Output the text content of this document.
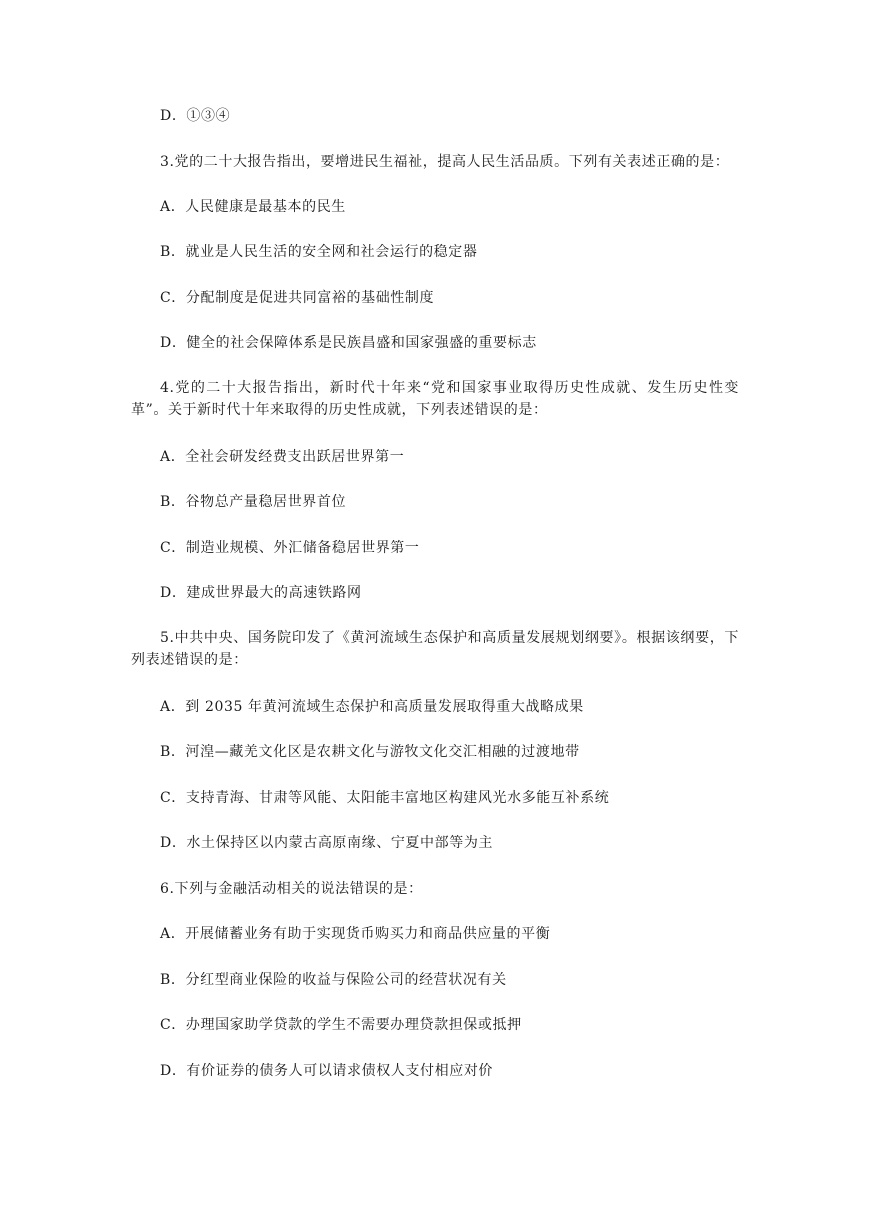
D．①③④
3.党的二十大报告指出，要增进民生福祉，提高人民生活品质。下列有关表述正确的是：
A．人民健康是最基本的民生
B．就业是人民生活的安全网和社会运行的稳定器
C．分配制度是促进共同富裕的基础性制度
D．健全的社会保障体系是民族昌盛和国家强盛的重要标志
4.党的二十大报告指出，新时代十年来“党和国家事业取得历史性成就、发生历史性变革”。关于新时代十年来取得的历史性成就，下列表述错误的是：
A．全社会研发经费支出跃居世界第一
B．谷物总产量稳居世界首位
C．制造业规模、外汇储备稳居世界第一
D．建成世界最大的高速铁路网
5.中共中央、国务院印发了《黄河流域生态保护和高质量发展规划纲要》。根据该纲要，下列表述错误的是：
A．到 2035 年黄河流域生态保护和高质量发展取得重大战略成果
B．河湟—藏羌文化区是农耕文化与游牧文化交汇相融的过渡地带
C．支持青海、甘肃等风能、太阳能丰富地区构建风光水多能互补系统
D．水土保持区以内蒙古高原南缘、宁夏中部等为主
6.下列与金融活动相关的说法错误的是：
A．开展储蓄业务有助于实现货币购买力和商品供应量的平衡
B．分红型商业保险的收益与保险公司的经营状况有关
C．办理国家助学贷款的学生不需要办理贷款担保或抵押
D．有价证券的债务人可以请求债权人支付相应对价
